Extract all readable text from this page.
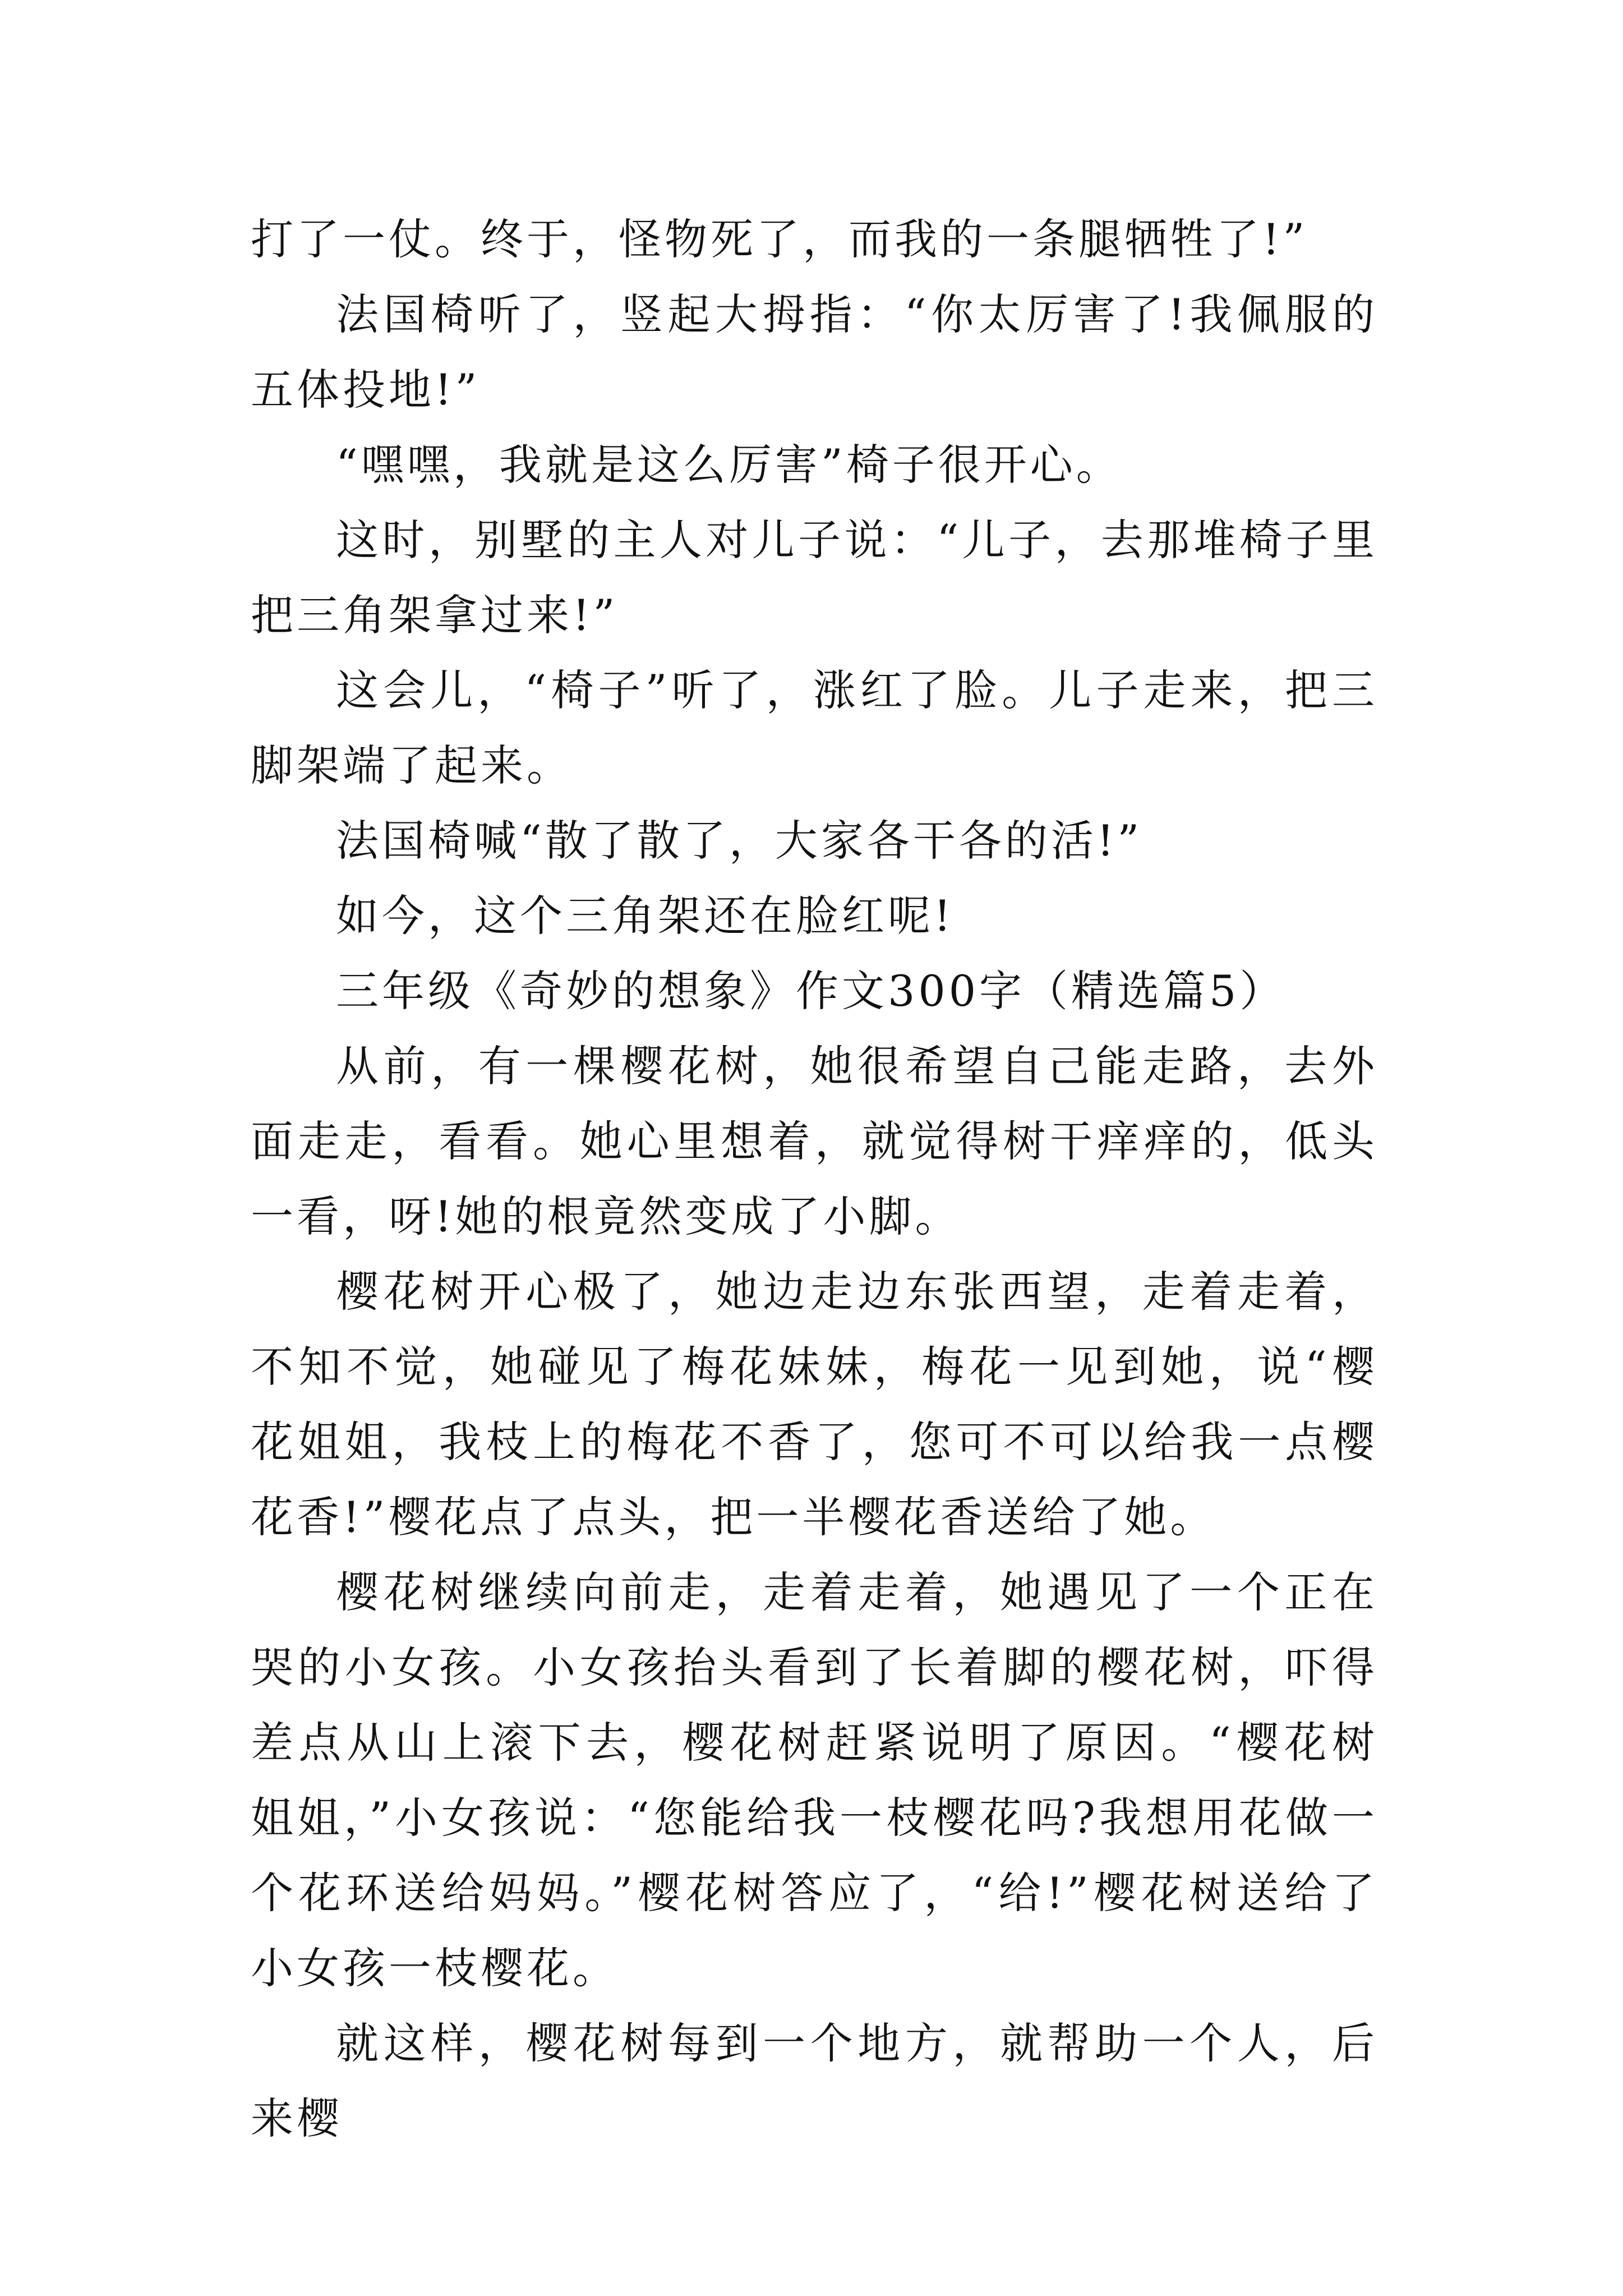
打了一仗。终于，怪物死了，而我的一条腿牺牲了!”

法国椅听了，竖起大拇指：“你太厉害了!我佩服的五体投地!”

“嘿嘿，我就是这么厉害”椅子很开心。

这时，别墅的主人对儿子说：“儿子，去那堆椅子里把三角架拿过来!”

这会儿，“椅子”听了，涨红了脸。儿子走来，把三脚架端了起来。

法国椅喊“散了散了，大家各干各的活!”

如今，这个三角架还在脸红呢!

三年级《奇妙的想象》作文300字（精选篇5）

从前，有一棵樱花树，她很希望自己能走路，去外面走走，看看。她心里想着，就觉得树干痒痒的，低头一看，呀!她的根竟然变成了小脚。

樱花树开心极了，她边走边东张西望，走着走着，不知不觉，她碰见了梅花妹妹，梅花一见到她，说“樱花姐姐，我枝上的梅花不香了，您可不可以给我一点樱花香!”樱花点了点头，把一半樱花香送给了她。

樱花树继续向前走，走着走着，她遇见了一个正在哭的小女孩。小女孩抬头看到了长着脚的樱花树，吓得差点从山上滚下去，樱花树赶紧说明了原因。“樱花树姐姐，”小女孩说：“您能给我一枝樱花吗?我想用花做一个花环送给妈妈。”樱花树答应了，“给!”樱花树送给了小女孩一枝樱花。

就这样，樱花树每到一个地方，就帮助一个人，后来樱
